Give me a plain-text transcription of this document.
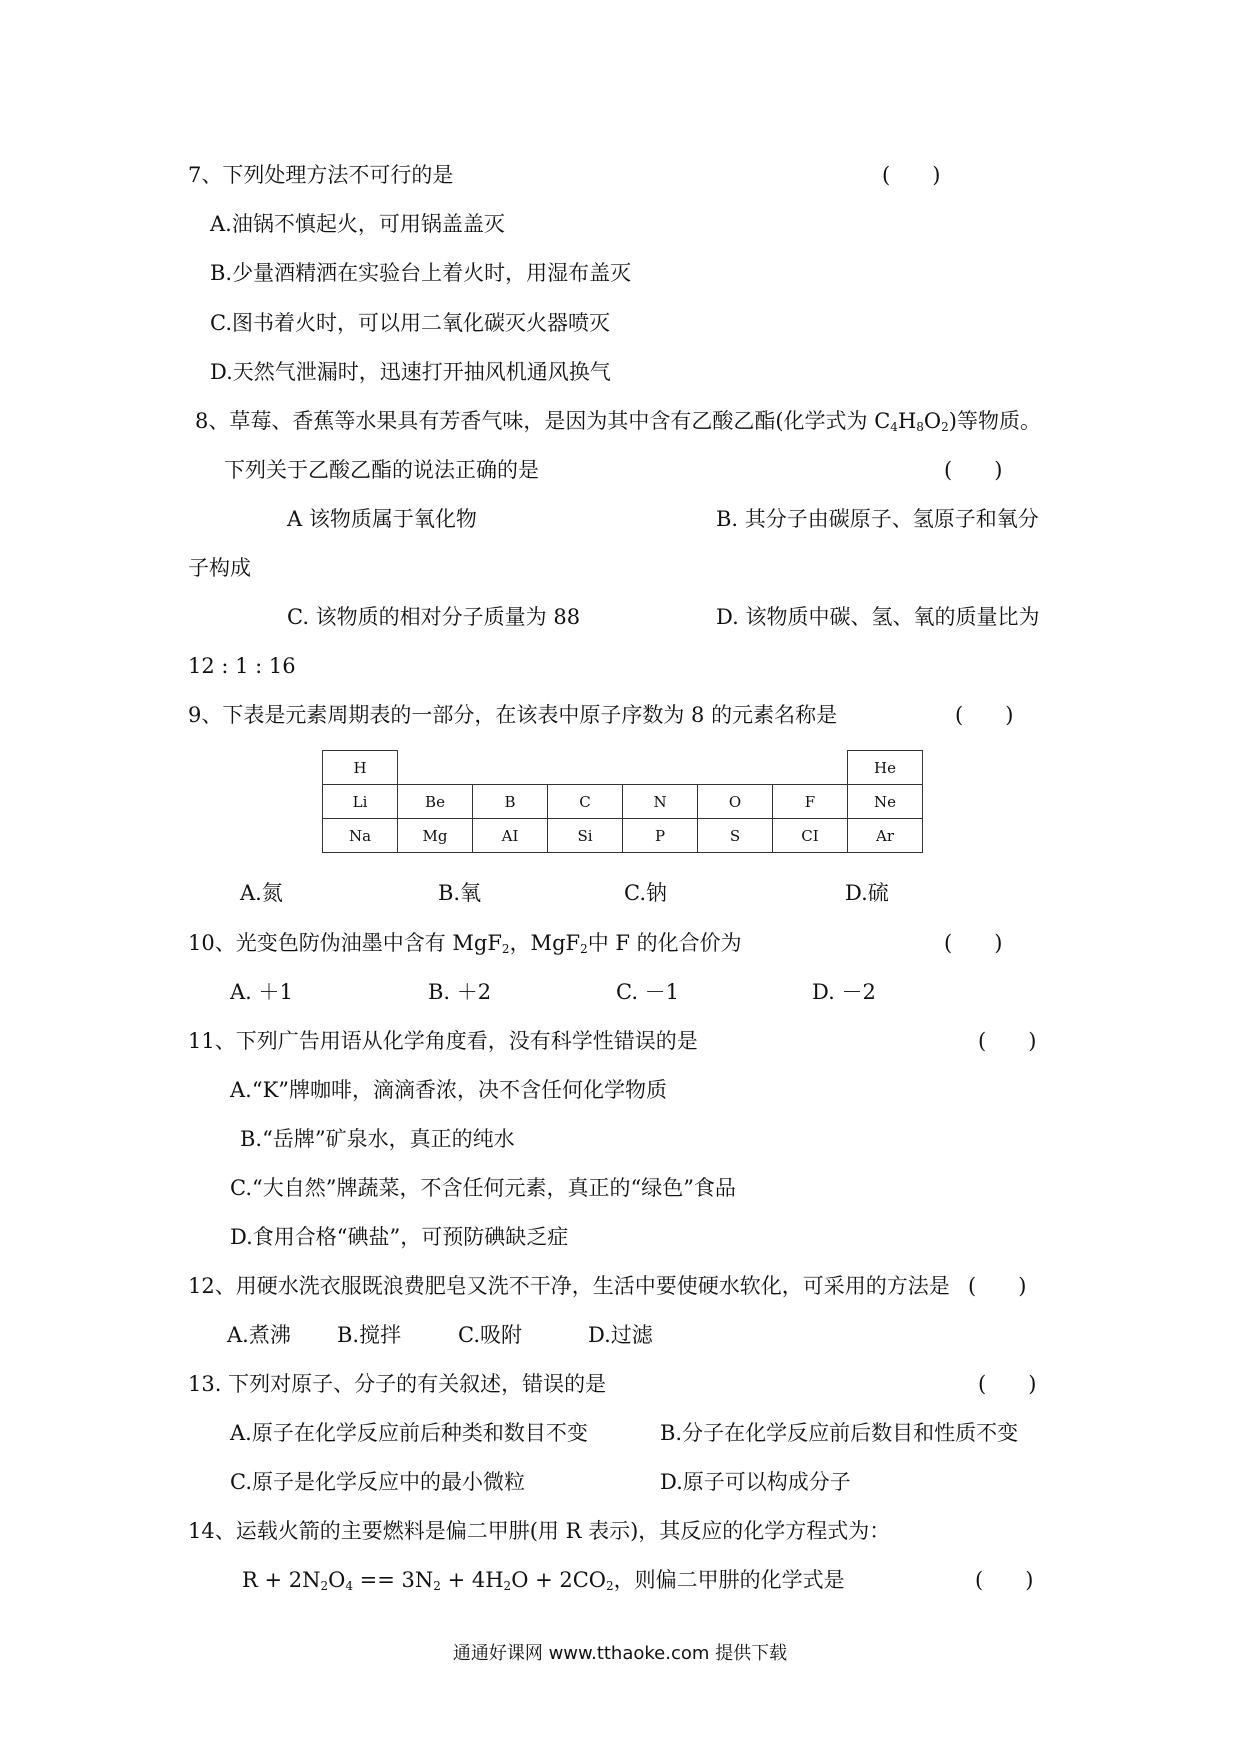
7、下列处理方法不可行的是	(　　)
A.油锅不慎起火，可用锅盖盖灭
B.少量酒精洒在实验台上着火时，用湿布盖灭
C.图书着火时，可以用二氧化碳灭火器喷灭
D.天然气泄漏时，迅速打开抽风机通风换气
8、草莓、香蕉等水果具有芳香气味，是因为其中含有乙酸乙酯(化学式为 $C_4H_8O_2$)等物质。
下列关于乙酸乙酯的说法正确的是	(　　)
A 该物质属于氧化物	B. 其分子由碳原子、氢原子和氧分
子构成
C. 该物质的相对分子质量为 88	D. 该物质中碳、氢、氧的质量比为
12 : 1 : 16
9、下表是元素周期表的一部分，在该表中原子序数为 8 的元素名称是	(　　)
H							He
Li	Be	B	C	N	O	F	Ne
Na	Mg	AI	Si	P	S	CI	Ar
A.氮	B.氧	C.钠	D.硫
10、光变色防伪油墨中含有 MgF$_2$，MgF$_2$中 F 的化合价为	(　　)
A. ＋1	B. ＋2	C. －1	D. －2
11、下列广告用语从化学角度看，没有科学性错误的是	(　　)
A.“K”牌咖啡，滴滴香浓，决不含任何化学物质
B.“岳牌”矿泉水，真正的纯水
C.“大自然”牌蔬菜，不含任何元素，真正的“绿色”食品
D.食用合格“碘盐”，可预防碘缺乏症
12、用硬水洗衣服既浪费肥皂又洗不干净，生活中要使硬水软化，可采用的方法是 (　　)
A.煮沸 B.搅拌	C.吸附	D.过滤
13. 下列对原子、分子的有关叙述，错误的是	(　　)
A.原子在化学反应前后种类和数目不变	B.分子在化学反应前后数目和性质不变
C.原子是化学反应中的最小微粒	D.原子可以构成分子
14、运载火箭的主要燃料是偏二甲肼(用 R 表示)，其反应的化学方程式为：
$R + 2N_2O_4 == 3N_2 + 4H_2O + 2CO_2$，则偏二甲肼的化学式是	(　　)
通通好课网 www.tthaoke.com 提供下载
